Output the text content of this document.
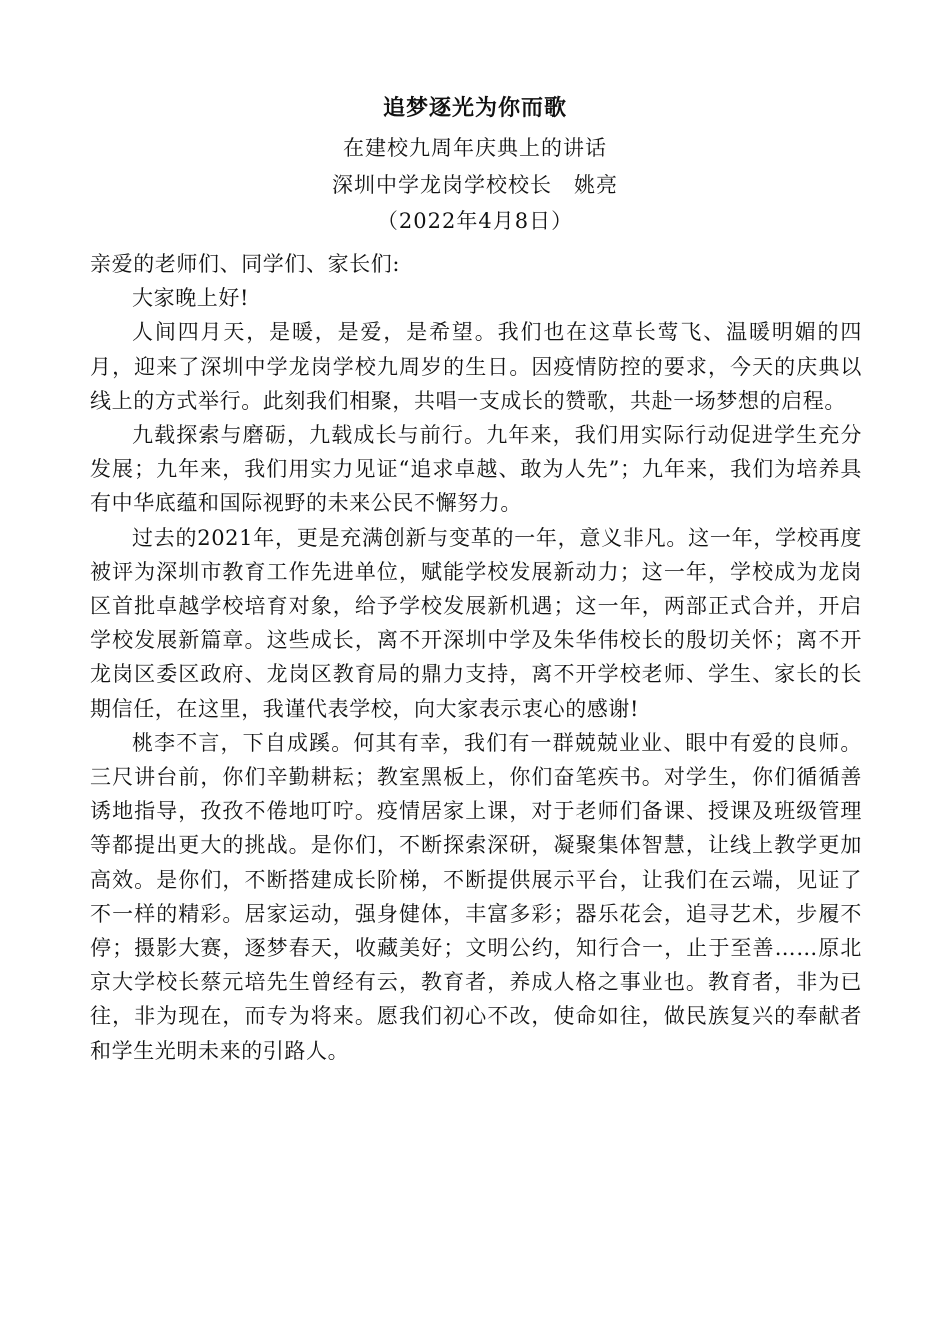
追梦逐光为你而歌

在建校九周年庆典上的讲话

深圳中学龙岗学校校长　姚亮

（2022年4月8日）

亲爱的老师们、同学们、家长们:

大家晚上好!

人间四月天，是暖，是爱，是希望。我们也在这草长莺飞、温暖明媚的四月，迎来了深圳中学龙岗学校九周岁的生日。因疫情防控的要求，今天的庆典以线上的方式举行。此刻我们相聚，共唱一支成长的赞歌，共赴一场梦想的启程。

九载探索与磨砺，九载成长与前行。九年来，我们用实际行动促进学生充分发展；九年来，我们用实力见证“追求卓越、敢为人先”；九年来，我们为培养具有中华底蕴和国际视野的未来公民不懈努力。

过去的2021年，更是充满创新与变革的一年，意义非凡。这一年，学校再度被评为深圳市教育工作先进单位，赋能学校发展新动力；这一年，学校成为龙岗区首批卓越学校培育对象，给予学校发展新机遇；这一年，两部正式合并，开启学校发展新篇章。这些成长，离不开深圳中学及朱华伟校长的殷切关怀；离不开龙岗区委区政府、龙岗区教育局的鼎力支持，离不开学校老师、学生、家长的长期信任，在这里，我谨代表学校，向大家表示衷心的感谢!

桃李不言，下自成蹊。何其有幸，我们有一群兢兢业业、眼中有爱的良师。三尺讲台前，你们辛勤耕耘；教室黑板上，你们奋笔疾书。对学生，你们循循善诱地指导，孜孜不倦地叮咛。疫情居家上课，对于老师们备课、授课及班级管理等都提出更大的挑战。是你们，不断探索深研，凝聚集体智慧，让线上教学更加高效。是你们，不断搭建成长阶梯，不断提供展示平台，让我们在云端，见证了不一样的精彩。居家运动，强身健体，丰富多彩；器乐花会，追寻艺术，步履不停；摄影大赛，逐梦春天，收藏美好；文明公约，知行合一，止于至善……原北京大学校长蔡元培先生曾经有云，教育者，养成人格之事业也。教育者，非为已往，非为现在，而专为将来。愿我们初心不改，使命如往，做民族复兴的奉献者和学生光明未来的引路人。
